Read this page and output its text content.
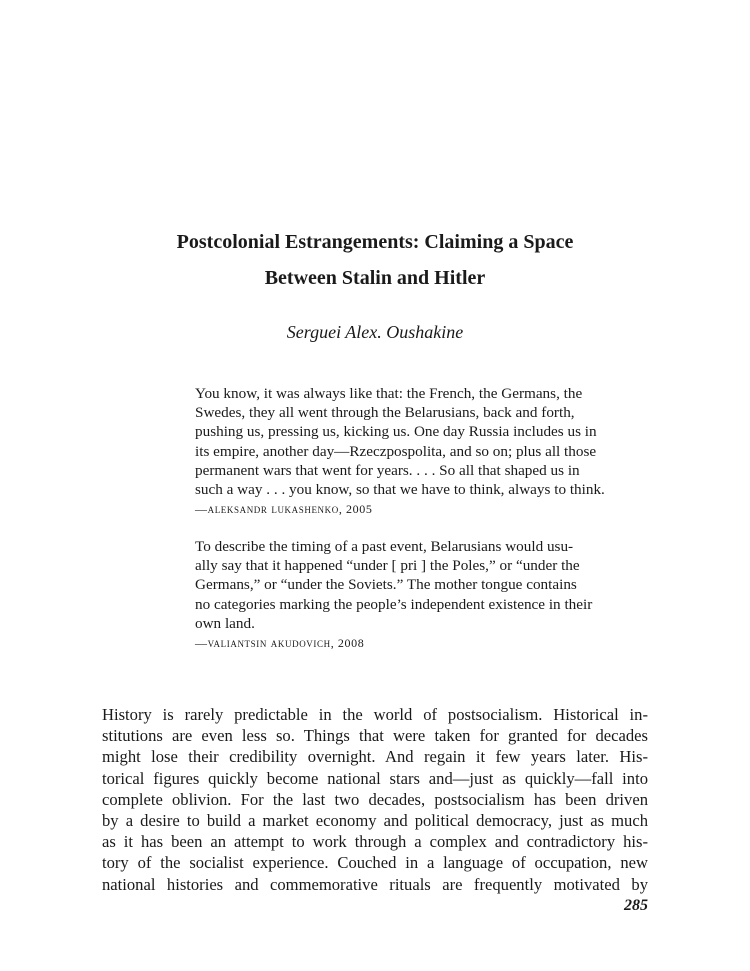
Postcolonial Estrangements: Claiming a Space
Between Stalin and Hitler
Serguei Alex. Oushakine
You know, it was always like that: the French, the Germans, the
Swedes, they all went through the Belarusians, back and forth,
pushing us, pressing us, kicking us. One day Russia includes us in
its empire, another day—Rzeczpospolita, and so on; plus all those
permanent wars that went for years. . . . So all that shaped us in
such a way . . . you know, so that we have to think, always to think.
—aleksandr lukashenko, 2005
To describe the timing of a past event, Belarusians would usu-
ally say that it happened “under [ pri ] the Poles,” or “under the
Germans,” or “under the Soviets.” The mother tongue contains
no categories marking the people’s independent existence in their
own land.
—valiantsin akudovich, 2008
History is rarely predictable in the world of postsocialism. Historical in-
stitutions are even less so. Things that were taken for granted for decades
might lose their credibility overnight. And regain it few years later. His-
torical figures quickly become national stars and—just as quickly—fall into
complete oblivion. For the last two decades, postsocialism has been driven
by a desire to build a market economy and political democracy, just as much
as it has been an attempt to work through a complex and contradictory his-
tory of the socialist experience. Couched in a language of occupation, new
national histories and commemorative rituals are frequently motivated by
285
